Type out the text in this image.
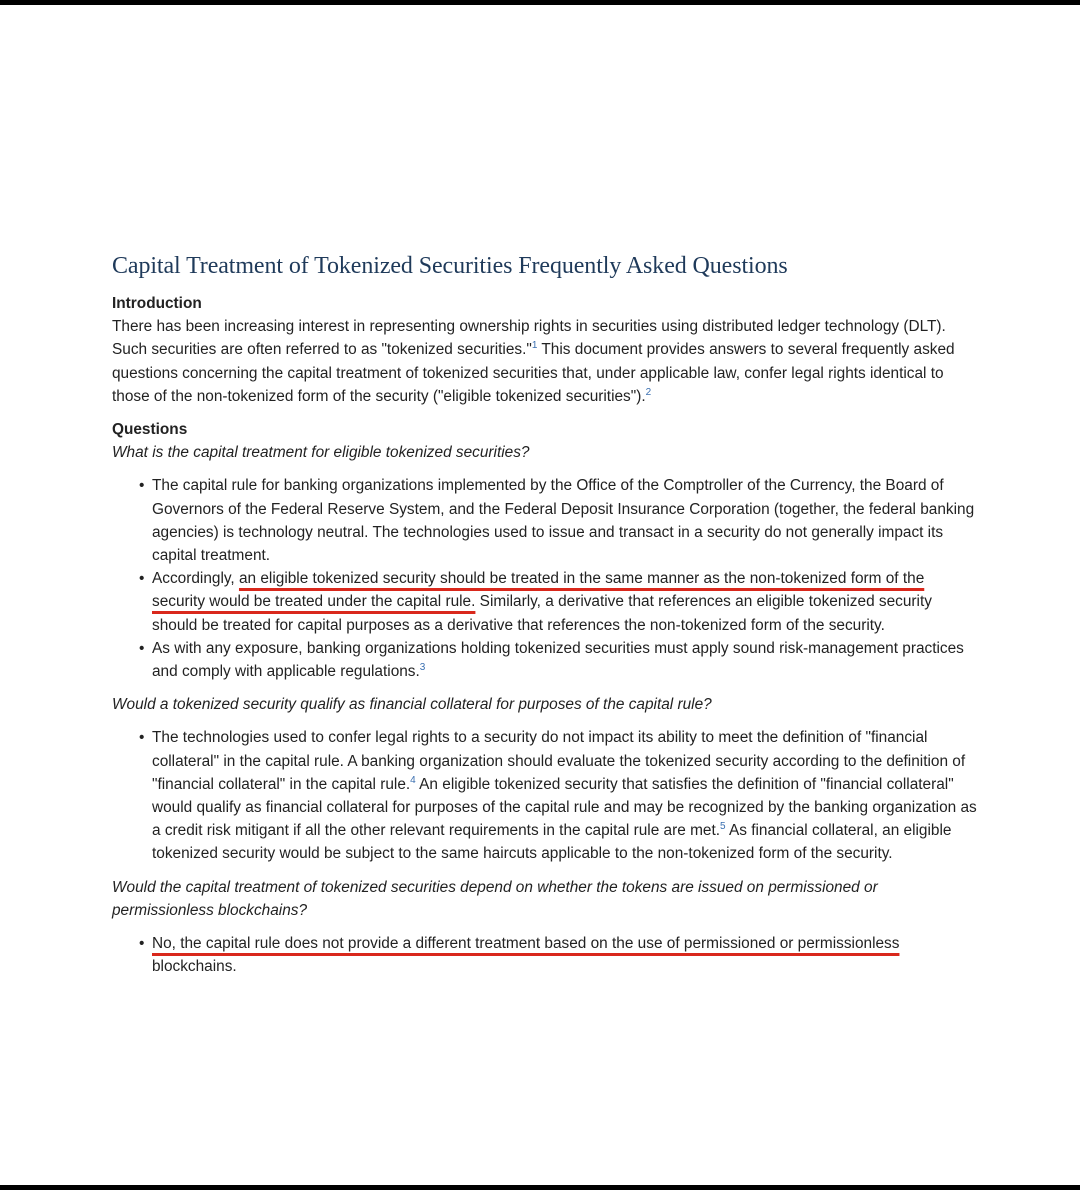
Capital Treatment of Tokenized Securities Frequently Asked Questions
Introduction

There has been increasing interest in representing ownership rights in securities using distributed ledger technology (DLT). Such securities are often referred to as "tokenized securities."$^1$ This document provides answers to several frequently asked questions concerning the capital treatment of tokenized securities that, under applicable law, confer legal rights identical to those of the non-tokenized form of the security ("eligible tokenized securities").$^2$

Questions
What is the capital treatment for eligible tokenized securities?
• The capital rule for banking organizations implemented by the Office of the Comptroller of the Currency, the Board of Governors of the Federal Reserve System, and the Federal Deposit Insurance Corporation (together, the federal banking agencies) is technology neutral. The technologies used to issue and transact in a security do not generally impact its capital treatment.
• Accordingly, an eligible tokenized security should be treated in the same manner as the non-tokenized form of the security would be treated under the capital rule. Similarly, a derivative that references an eligible tokenized security should be treated for capital purposes as a derivative that references the non-tokenized form of the security.
• As with any exposure, banking organizations holding tokenized securities must apply sound risk-management practices and comply with applicable regulations.$^3$
Would a tokenized security qualify as financial collateral for purposes of the capital rule?
• The technologies used to confer legal rights to a security do not impact its ability to meet the definition of "financial collateral" in the capital rule. A banking organization should evaluate the tokenized security according to the definition of "financial collateral" in the capital rule.$^4$ An eligible tokenized security that satisfies the definition of "financial collateral" would qualify as financial collateral for purposes of the capital rule and may be recognized by the banking organization as a credit risk mitigant if all the other relevant requirements in the capital rule are met.$^5$ As financial collateral, an eligible tokenized security would be subject to the same haircuts applicable to the non-tokenized form of the security.
Would the capital treatment of tokenized securities depend on whether the tokens are issued on permissioned or permissionless blockchains?
• No, the capital rule does not provide a different treatment based on the use of permissioned or permissionless blockchains.
